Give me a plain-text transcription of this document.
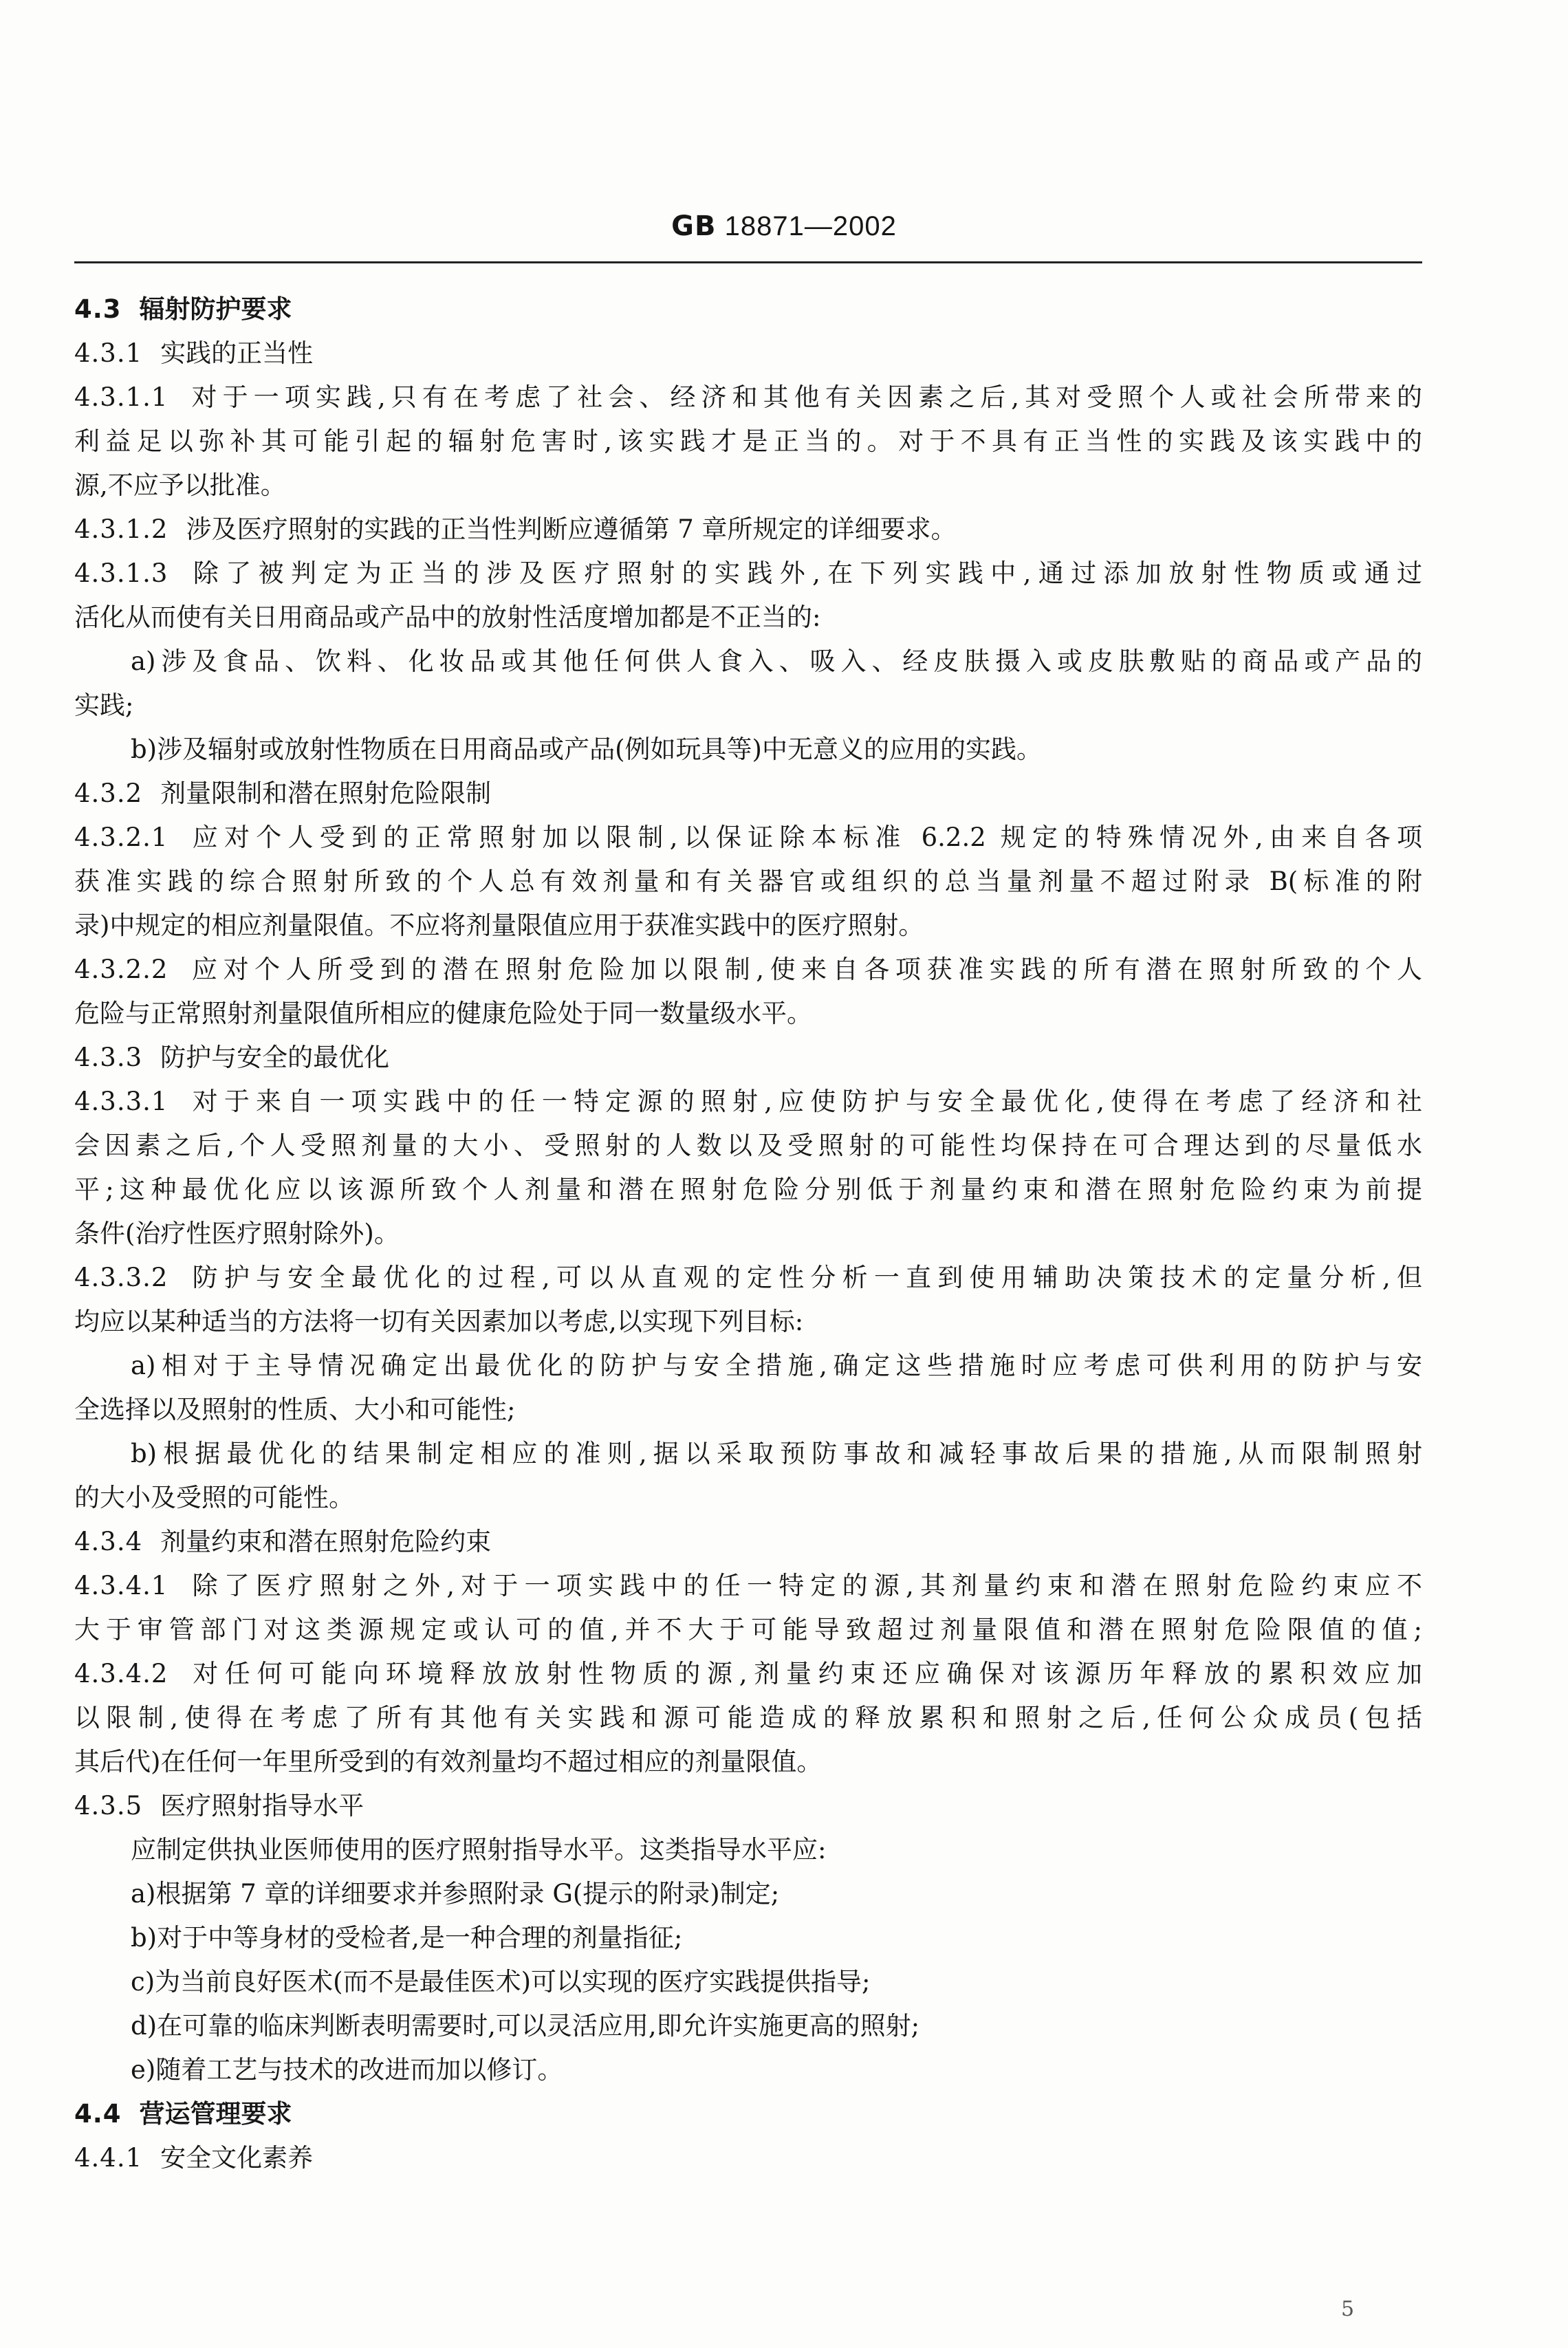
GB 18871—2002
4.3 辐射防护要求
4.3.1 实践的正当性
4.3.1.1 对于一项实践,只有在考虑了社会、经济和其他有关因素之后,其对受照个人或社会所带来的
利益足以弥补其可能引起的辐射危害时,该实践才是正当的。对于不具有正当性的实践及该实践中的
源,不应予以批准。
4.3.1.2 涉及医疗照射的实践的正当性判断应遵循第 7 章所规定的详细要求。
4.3.1.3 除了被判定为正当的涉及医疗照射的实践外,在下列实践中,通过添加放射性物质或通过
活化从而使有关日用商品或产品中的放射性活度增加都是不正当的:
a)涉及食品、饮料、化妆品或其他任何供人食入、吸入、经皮肤摄入或皮肤敷贴的商品或产品的
实践;
b)涉及辐射或放射性物质在日用商品或产品(例如玩具等)中无意义的应用的实践。
4.3.2 剂量限制和潜在照射危险限制
4.3.2.1 应对个人受到的正常照射加以限制,以保证除本标准 6.2.2 规定的特殊情况外,由来自各项
获准实践的综合照射所致的个人总有效剂量和有关器官或组织的总当量剂量不超过附录 B(标准的附
录)中规定的相应剂量限值。不应将剂量限值应用于获准实践中的医疗照射。
4.3.2.2 应对个人所受到的潜在照射危险加以限制,使来自各项获准实践的所有潜在照射所致的个人
危险与正常照射剂量限值所相应的健康危险处于同一数量级水平。
4.3.3 防护与安全的最优化
4.3.3.1 对于来自一项实践中的任一特定源的照射,应使防护与安全最优化,使得在考虑了经济和社
会因素之后,个人受照剂量的大小、受照射的人数以及受照射的可能性均保持在可合理达到的尽量低水
平;这种最优化应以该源所致个人剂量和潜在照射危险分别低于剂量约束和潜在照射危险约束为前提
条件(治疗性医疗照射除外)。
4.3.3.2 防护与安全最优化的过程,可以从直观的定性分析一直到使用辅助决策技术的定量分析,但
均应以某种适当的方法将一切有关因素加以考虑,以实现下列目标:
a)相对于主导情况确定出最优化的防护与安全措施,确定这些措施时应考虑可供利用的防护与安
全选择以及照射的性质、大小和可能性;
b)根据最优化的结果制定相应的准则,据以采取预防事故和减轻事故后果的措施,从而限制照射
的大小及受照的可能性。
4.3.4 剂量约束和潜在照射危险约束
4.3.4.1 除了医疗照射之外,对于一项实践中的任一特定的源,其剂量约束和潜在照射危险约束应不
大于审管部门对这类源规定或认可的值,并不大于可能导致超过剂量限值和潜在照射危险限值的值;
4.3.4.2 对任何可能向环境释放放射性物质的源,剂量约束还应确保对该源历年释放的累积效应加
以限制,使得在考虑了所有其他有关实践和源可能造成的释放累积和照射之后,任何公众成员(包括
其后代)在任何一年里所受到的有效剂量均不超过相应的剂量限值。
4.3.5 医疗照射指导水平
应制定供执业医师使用的医疗照射指导水平。这类指导水平应:
a)根据第 7 章的详细要求并参照附录 G(提示的附录)制定;
b)对于中等身材的受检者,是一种合理的剂量指征;
c)为当前良好医术(而不是最佳医术)可以实现的医疗实践提供指导;
d)在可靠的临床判断表明需要时,可以灵活应用,即允许实施更高的照射;
e)随着工艺与技术的改进而加以修订。
4.4 营运管理要求
4.4.1 安全文化素养
5
